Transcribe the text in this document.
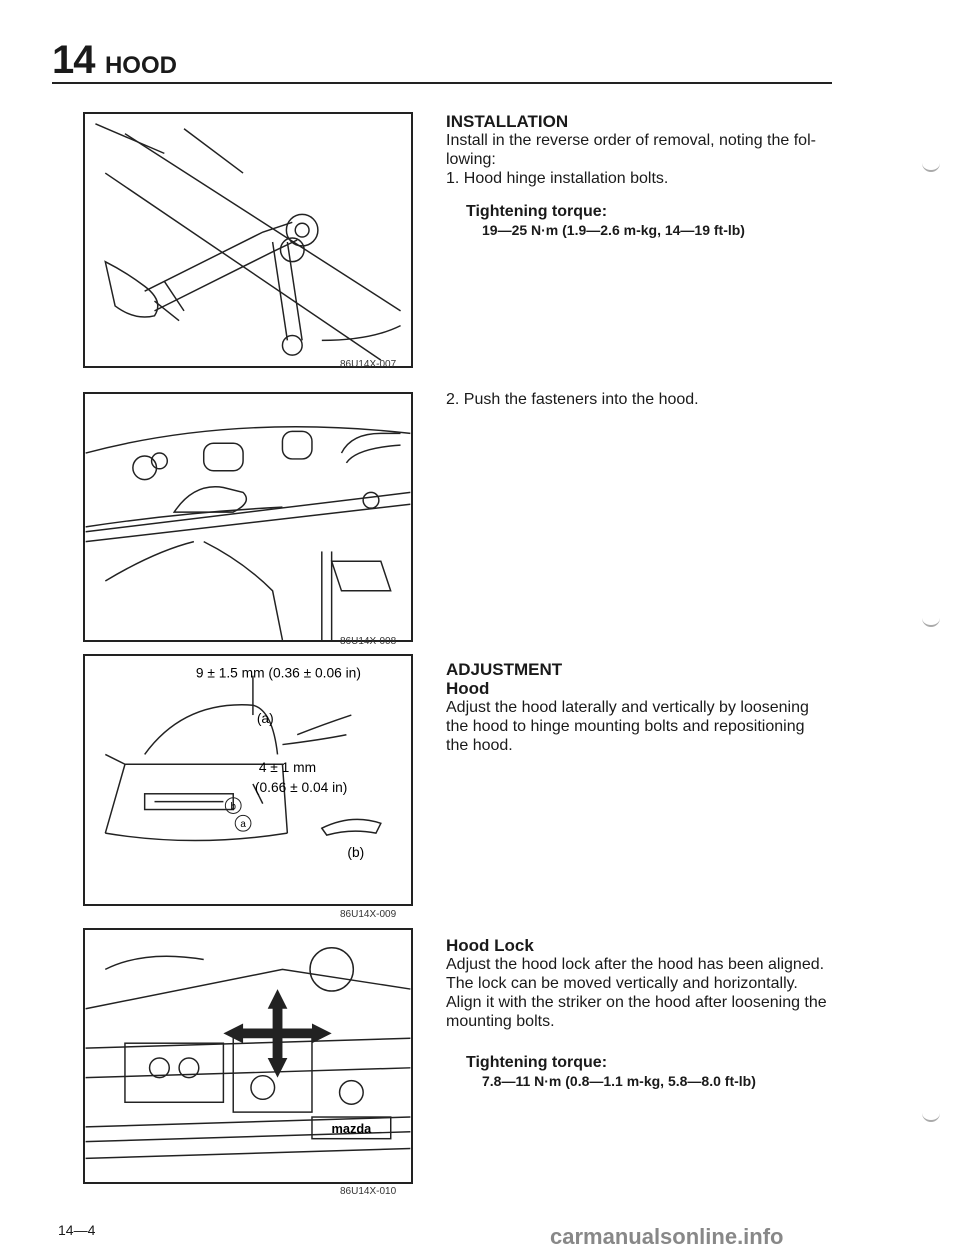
14 HOOD
86U14X-007
86U14X-008
b
a
9 ± 1.5 mm (0.36 ± 0.06 in)
(a)
4 ± 1 mm
(0.66 ± 0.04 in)
(b)
86U14X-009
mazda
86U14X-010

INSTALLATION

Install in the reverse order of removal, noting the fol-lowing:

1. Hood hinge installation bolts.

Tightening torque:
19—25 N·m (1.9—2.6 m-kg, 14—19 ft-lb)
2. Push the fasteners into the hood.

ADJUSTMENT

Hood

Adjust the hood laterally and vertically by loosening the hood to hinge mounting bolts and repositioning the hood.

Hood Lock

Adjust the hood lock after the hood has been aligned. The lock can be moved vertically and horizontally. Align it with the striker on the hood after loosening the mounting bolts.

Tightening torque:
7.8—11 N·m (0.8—1.1 m-kg, 5.8—8.0 ft-lb)
14—4	carmanualsonline.info
